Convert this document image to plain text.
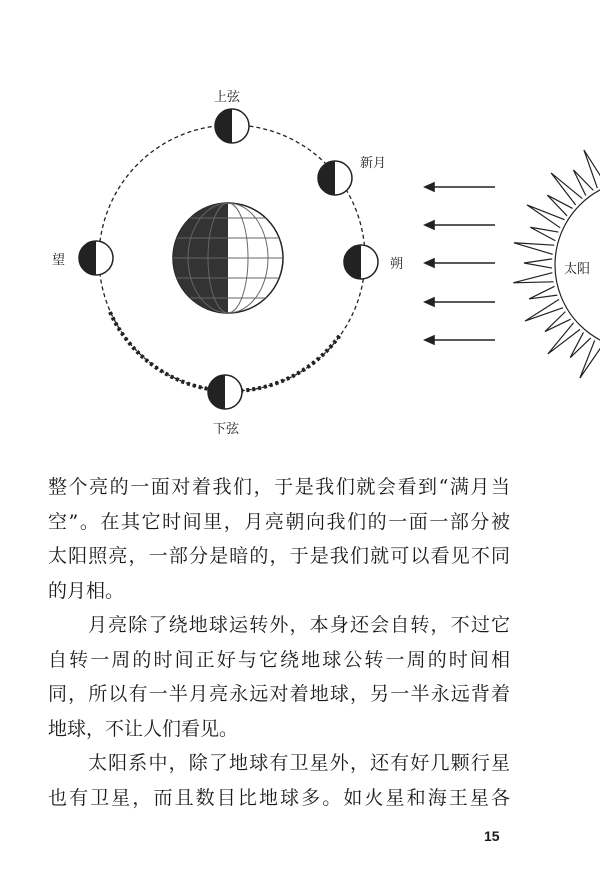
上弦
新月
望	朔
下弦
太阳
整个亮的一面对着我们，于是我们就会看到“满月当
空”。在其它时间里，月亮朝向我们的一面一部分被
太阳照亮，一部分是暗的，于是我们就可以看见不同
的月相。
月亮除了绕地球运转外，本身还会自转，不过它
自转一周的时间正好与它绕地球公转一周的时间相
同，所以有一半月亮永远对着地球，另一半永远背着
地球，不让人们看见。
太阳系中，除了地球有卫星外，还有好几颗行星
也有卫星，而且数目比地球多。如火星和海王星各
15
